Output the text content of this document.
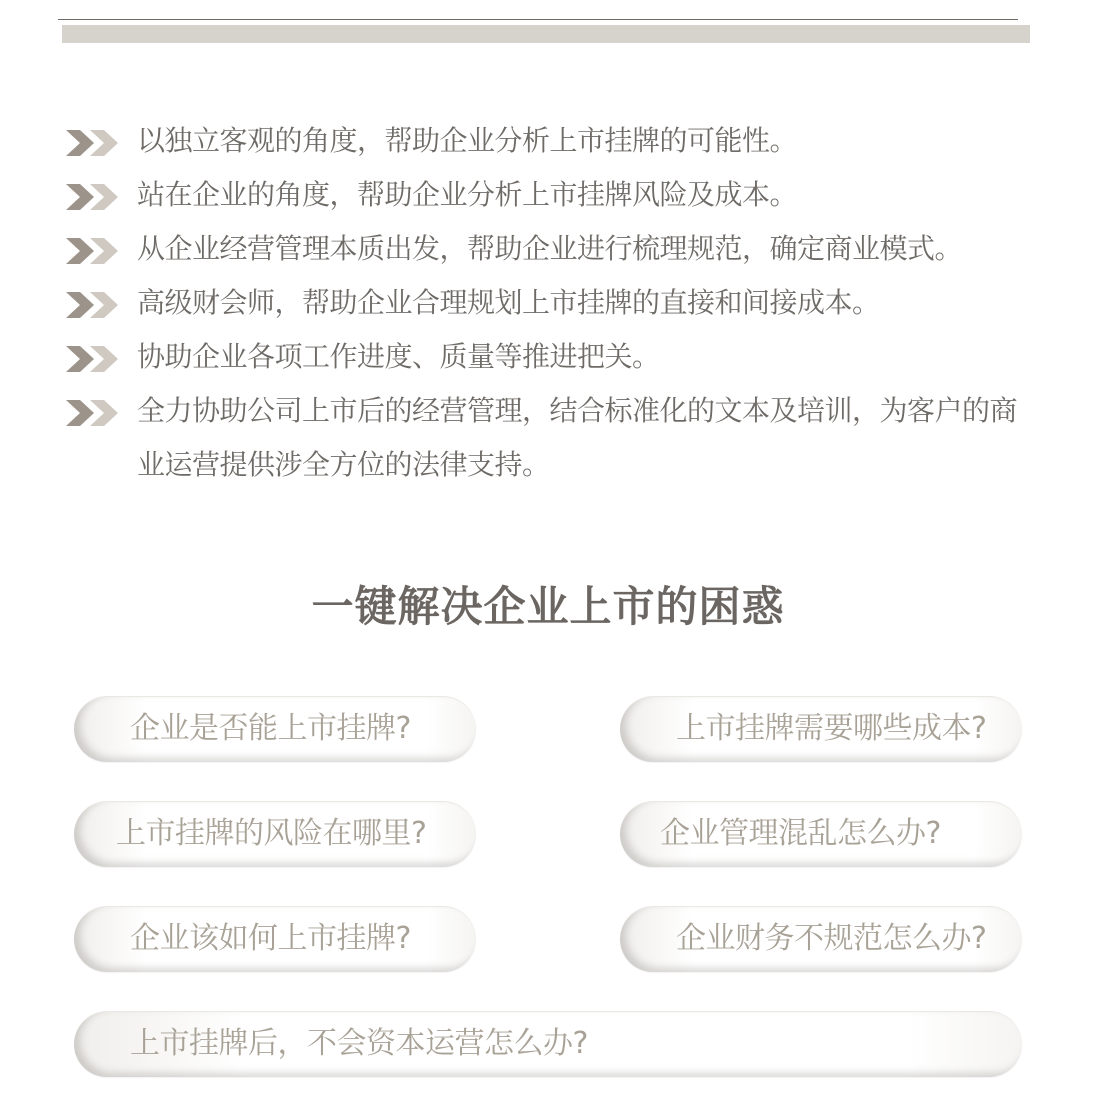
以独立客观的角度，帮助企业分析上市挂牌的可能性。
站在企业的角度，帮助企业分析上市挂牌风险及成本。
从企业经营管理本质出发，帮助企业进行梳理规范，确定商业模式。
高级财会师，帮助企业合理规划上市挂牌的直接和间接成本。
协助企业各项工作进度、质量等推进把关。
全力协助公司上市后的经营管理，结合标准化的文本及培训，为客户的商业运营提供涉全方位的法律支持。
一键解决企业上市的困惑
企业是否能上市挂牌?	上市挂牌需要哪些成本?
上市挂牌的风险在哪里?	企业管理混乱怎么办?
企业该如何上市挂牌?	企业财务不规范怎么办?
上市挂牌后，不会资本运营怎么办?
